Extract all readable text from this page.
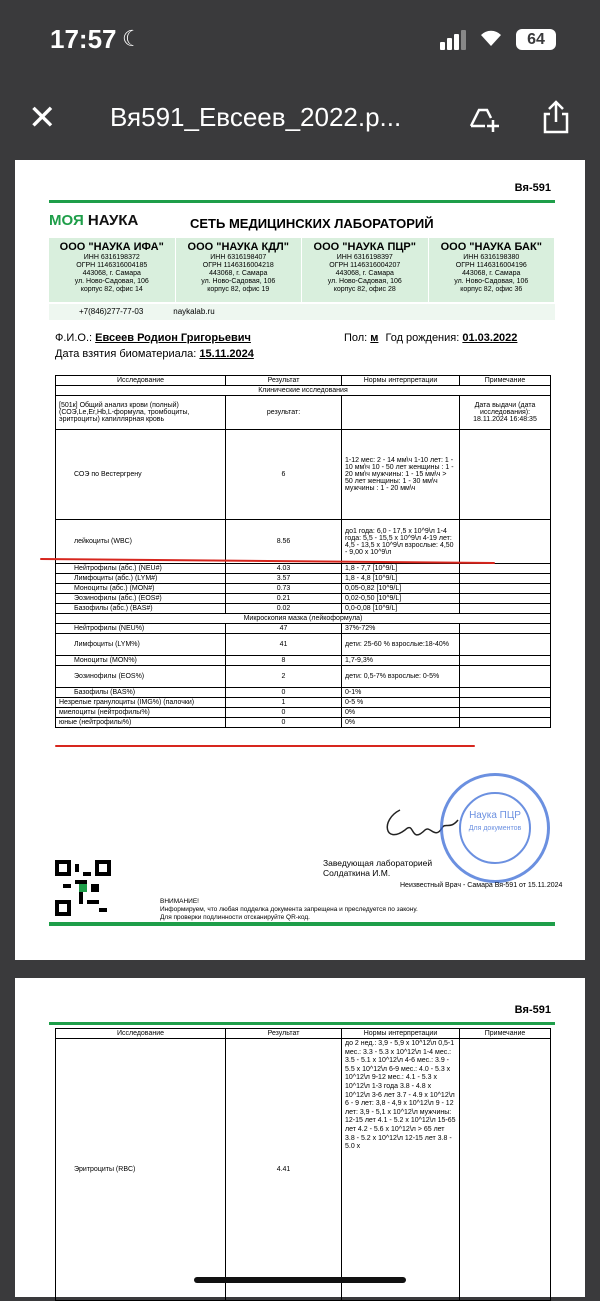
17:57 ☾	64
✕ Вя591_Евсеев_2022.р...
Вя-591
МОЯ НАУКА	СЕТЬ МЕДИЦИНСКИХ ЛАБОРАТОРИЙ
ООО "НАУКА ИФА"
ИНН 6316198372
ОГРН 1146316004185
443068, г. Самара
ул. Ново-Садовая, 106
корпус 82, офис 14
ООО "НАУКА КДЛ"
ИНН 6316198407
ОГРН 1146316004218
443068, г. Самара
ул. Ново-Садовая, 106
корпус 82, офис 19
ООО "НАУКА ПЦР"
ИНН 6316198397
ОГРН 1146316004207
443068, г. Самара
ул. Ново-Садовая, 106
корпус 82, офис 28
ООО "НАУКА БАК"
ИНН 6316198380
ОГРН 1146316004196
443068, г. Самара
ул. Ново-Садовая, 106
корпус 82, офис 36
+7(846)277-77-03	naykalab.ru
Ф.И.О.: Евсеев Родион Григорьевич	Пол: м Год рождения: 01.03.2022
Дата взятия биоматериала: 15.11.2024
Исследование	Результат	Нормы интерпретации	Примечание
Клинические исследования			
[501к] Общий анализ крови (полный)(СОЭ,Le,Er,Hb,L-формула, тромбоциты, эритроциты) капиллярная кровь	результат:		Дата выдачи (дата исследования): 18.11.2024 16:48:35
СОЭ по Вестергрену	6	1-12 мес: 2 - 14 мм\ч 1-10 лет: 1 - 10 мм\ч 10 - 50 лет женщины : 1 - 20 мм\ч мужчины: 1 - 15 мм\ч > 50 лет женщины: 1 - 30 мм\ч мужчины : 1 - 20 мм\ч	
лейкоциты (WBC)	8.56	до1 года: 6,0 - 17,5 x 10^9\л 1-4 года: 5,5 - 15,5 x 10^9\л 4-19 лет: 4,5 - 13,5 x 10^9\л взрослые: 4,50 - 9,00 x 10^9\л	
Нейтрофилы (абс.) (NEU#)	4.03	1,8 - 7,7 [10^9/L]	
Лимфоциты (абс.) (LYM#)	3.57	1,8 - 4,8 [10^9/L]	
Моноциты (абс.) (MON#)	0.73	0,05-0,82 [10^9/L]	
Эозинофилы (абс.) (EOS#)	0.21	0,02-0,50 [10^9/L]	
Базофилы (абс.) (BAS#)	0.02	0,0-0,08 [10^9/L]	
Микроскопия мазка (лейкоформула)			
Нейтрофилы (NEU%)	47	37%-72%	
Лимфоциты (LYM%)	41	дети: 25-60 % взрослые:18-40%	
Моноциты (MON%)	8	1,7-9,3%	
Эозинофилы (EOS%)	2	дети: 0,5-7% взрослые: 0-5%	
Базофилы (BAS%)	0	0-1%	
Незрелые гранулоциты (IMG%) (палочки)	1	0-5 %	
миелоциты (нейтрофилы%)	0	0%	
юные (нейтрофилы%)	0	0%	
Наука ПЦР
Для документов
Заведующая лабораторией
Солдаткина И.М.
Неизвестный Врач - Самара Вя-591 от 15.11.2024
ВНИМАНИЕ!
Информируем, что любая подделка документа запрещена и преследуется по закону.
Для проверки подлинности отсканируйте QR-код.
Вя-591
Исследование	Результат	Нормы интерпретации	Примечание
Эритроциты (RBC)	4.41	до 2 нед.: 3,9 - 5,9 x 10^12\л 0,5-1 мес.: 3.3 - 5.3 x 10^12\л 1-4 мес.: 3.5 - 5.1 x 10^12\л 4-6 мес.: 3.9 - 5.5 x 10^12\л 6-9 мес.: 4.0 - 5.3 x 10^12\л 9-12 мес.: 4.1 - 5.3 x 10^12\л 1-3 года 3.8 - 4.8 x 10^12\л 3-6 лет 3.7 - 4.9 x 10^12\л 6 - 9 лет: 3,8 - 4,9 x 10^12\л 9 - 12 лет: 3,9 - 5,1 x 10^12\л мужчины: 12-15 лет 4.1 - 5.2 x 10^12\л 15-65 лет 4.2 - 5.6 x 10^12\л > 65 лет 3.8 - 5.2 x 10^12\л 12-15 лет 3.8 - 5.0 x	
